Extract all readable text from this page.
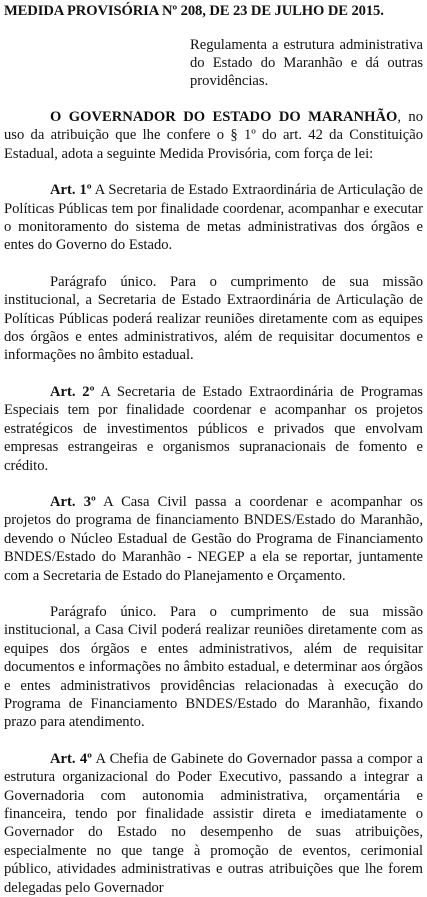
MEDIDA PROVISÓRIA Nº 208, DE 23 DE JULHO DE 2015.

Regulamenta a estrutura administrativa do Estado do Maranhão e dá outras providências.

O GOVERNADOR DO ESTADO DO MARANHÃO, no uso da atribuição que lhe confere o § 1º do art. 42 da Constituição Estadual, adota a seguinte Medida Provisória, com força de lei:

Art. 1º A Secretaria de Estado Extraordinária de Articulação de Políticas Públicas tem por finalidade coordenar, acompanhar e executar o monitoramento do sistema de metas administrativas dos órgãos e entes do Governo do Estado.

Parágrafo único. Para o cumprimento de sua missão institucional, a Secretaria de Estado Extraordinária de Articulação de Políticas Públicas poderá realizar reuniões diretamente com as equipes dos órgãos e entes administrativos, além de requisitar documentos e informações no âmbito estadual.

Art. 2º A Secretaria de Estado Extraordinária de Programas Especiais tem por finalidade coordenar e acompanhar os projetos estratégicos de investimentos públicos e privados que envolvam empresas estrangeiras e organismos supranacionais de fomento e crédito.

Art. 3º A Casa Civil passa a coordenar e acompanhar os projetos do programa de financiamento BNDES/Estado do Maranhão, devendo o Núcleo Estadual de Gestão do Programa de Financiamento BNDES/Estado do Maranhão - NEGEP a ela se reportar, juntamente com a Secretaria de Estado do Planejamento e Orçamento.

Parágrafo único. Para o cumprimento de sua missão institucional, a Casa Civil poderá realizar reuniões diretamente com as equipes dos órgãos e entes administrativos, além de requisitar documentos e informações no âmbito estadual, e determinar aos órgãos e entes administrativos providências relacionadas à execução do Programa de Financiamento BNDES/Estado do Maranhão, fixando prazo para atendimento.

Art. 4º A Chefia de Gabinete do Governador passa a compor a estrutura organizacional do Poder Executivo, passando a integrar a Governadoria com autonomia administrativa, orçamentária e financeira, tendo por finalidade assistir direta e imediatamente o Governador do Estado no desempenho de suas atribuições, especialmente no que tange à promoção de eventos, cerimonial público, atividades administrativas e outras atribuições que lhe forem delegadas pelo Governador
